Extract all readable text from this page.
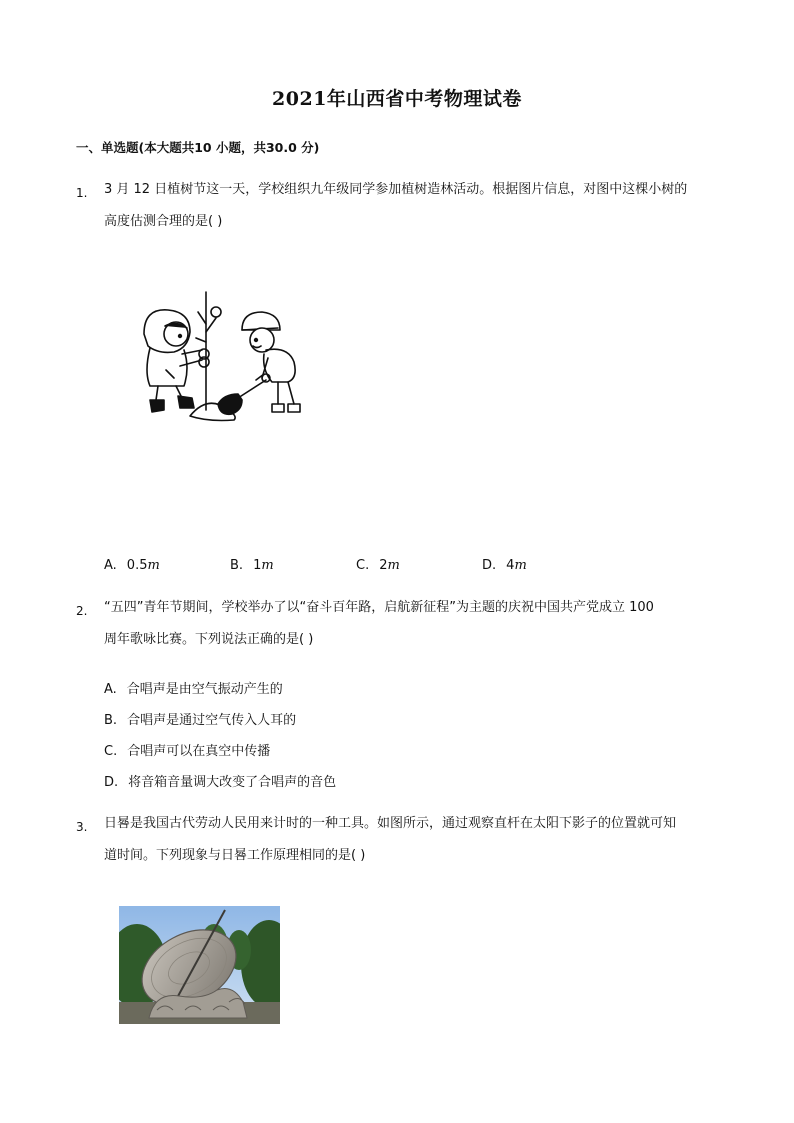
2021年山西省中考物理试卷
一、单选题(本大题共10 小题，共30.0 分)
1. 3 月 12 日植树节这一天，学校组织九年级同学参加植树造林活动。根据图片信息，对图中这棵小树的
高度估测合理的是( )
A. 0.5m	B. 1m	C. 2m	D. 4m
2. “五四”青年节期间，学校举办了以“奋斗百年路，启航新征程”为主题的庆祝中国共产党成立 100
周年歌咏比赛。下列说法正确的是( )
A. 合唱声是由空气振动产生的
B. 合唱声是通过空气传入人耳的
C. 合唱声可以在真空中传播
D. 将音箱音量调大改变了合唱声的音色
3. 日晷是我国古代劳动人民用来计时的一种工具。如图所示，通过观察直杆在太阳下影子的位置就可知
道时间。下列现象与日晷工作原理相同的是( )
